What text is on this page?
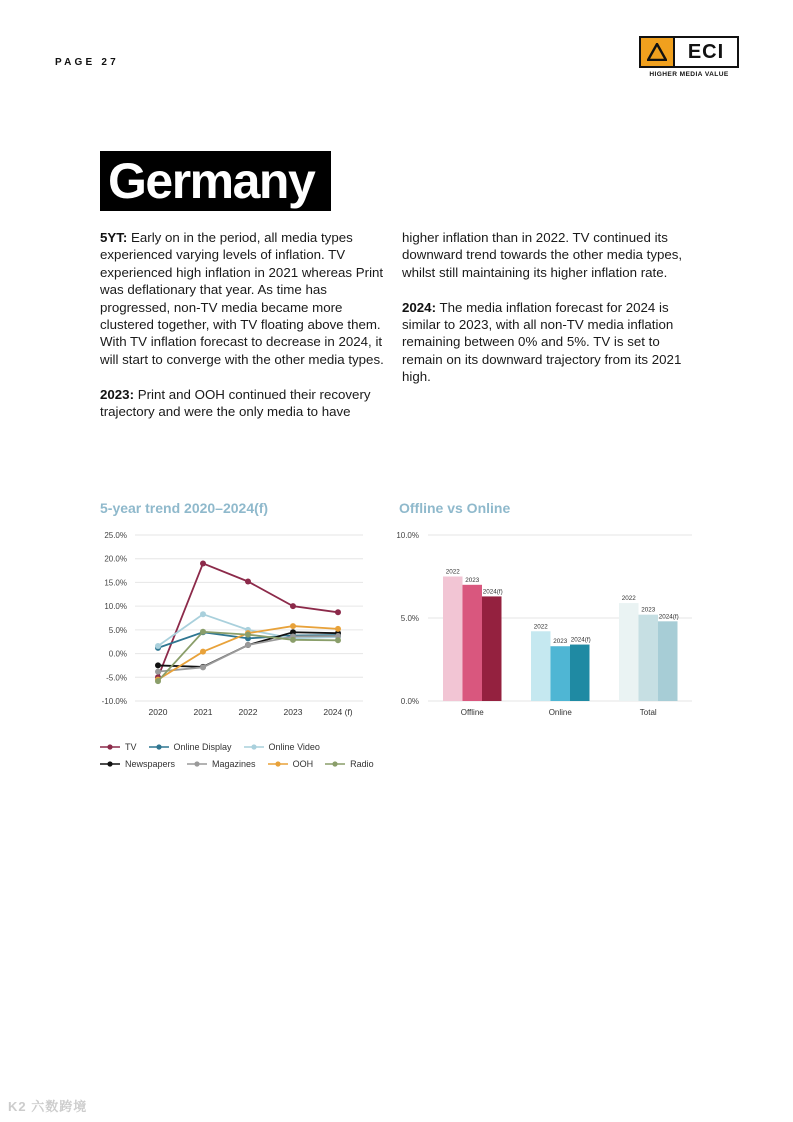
PAGE 27	ECI
HIGHER MEDIA VALUE
Germany

5YT: Early on in the period, all media types experienced varying levels of inflation. TV experienced high inflation in 2021 whereas Print was deflationary that year. As time has progressed, non-TV media became more clustered together, with TV floating above them. With TV inflation forecast to decrease in 2024, it will start to converge with the other media types.

2023: Print and OOH continued their recovery trajectory and were the only media to have

higher inflation than in 2022. TV continued its downward trend towards the other media types, whilst still maintaining its higher inflation rate.

2024: The media inflation forecast for 2024 is similar to 2023, with all non-TV media inflation remaining between 0% and 5%. TV is set to remain on its downward trajectory from its 2021 high.

5-year trend 2020–2024(f)	Offline vs Online
25.0%
20.0%
15.0%
10.0%
5.0%
0.0%
-5.0%
-10.0%
2020	2021	2022	2023 2024 (f)
10.0%
5.0%
0.0%
2022
2023
2024(f)
Offline
2022
2023 2024(f)
Online
2022
2023
2024(f)
Total
TV	Online Display	Online Video
Newspapers	Magazines	OOH	Radio
K2 六数跨境
